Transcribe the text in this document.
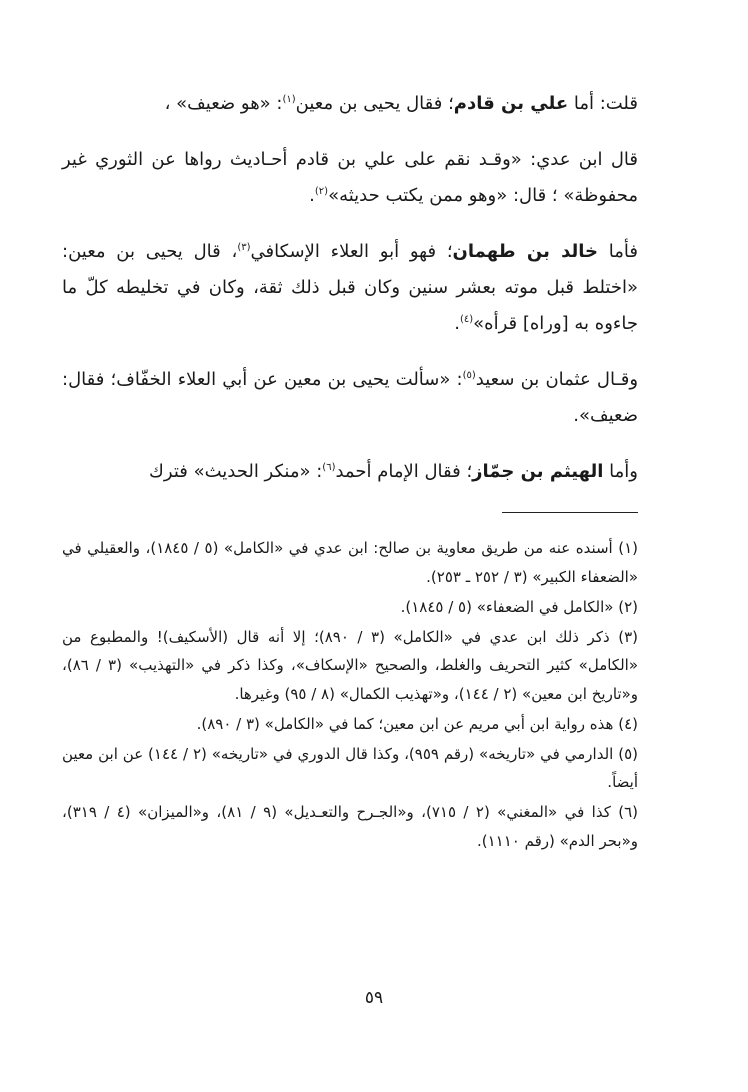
قلت: أما علي بن قادم؛ فقال يحيى بن معين$^{(١)}$: «هو ضعيف» ،

قال ابن عدي: «وقـد نقم على علي بن قادم أحـاديث رواها عن الثوري غير محفوظة» ؛ قال: «وهو ممن يكتب حديثه»$^{(٢)}$.

فأما خالد بن طهمان؛ فهو أبو العلاء الإسكافي$^{(٣)}$، قال يحيى بن معين: «اختلط قبل موته بعشر سنين وكان قبل ذلك ثقة، وكان في تخليطه كلّ ما جاءوه به [وراه] قرأه»$^{(٤)}$.

وقـال عثمان بن سعيد$^{(٥)}$: «سألت يحيى بن معين عن أبي العلاء الخفّاف؛ فقال: ضعيف».

وأما الهيثم بن جمّاز؛ فقال الإمام أحمد$^{(٦)}$: «منكر الحديث» فترك

(١) أسنده عنه من طريق معاوية بن صالح: ابن عدي في «الكامل» (٥ / ١٨٤٥)، والعقيلي في «الضعفاء الكبير» (٣ / ٢٥٢ ـ ٢٥٣).

(٢) «الكامل في الضعفاء» (٥ / ١٨٤٥).

(٣) ذكر ذلك ابن عدي في «الكامل» (٣ / ٨٩٠)؛ إلا أنه قال (الأسكيف)! والمطبوع من «الكامل» كثير التحريف والغلط، والصحيح «الإسكاف»، وكذا ذكر في «التهذيب» (٣ / ٨٦)، و«تاريخ ابن معين» (٢ / ١٤٤)، و«تهذيب الكمال» (٨ / ٩٥) وغيرها.

(٤) هذه رواية ابن أبي مريم عن ابن معين؛ كما في «الكامل» (٣ / ٨٩٠).

(٥) الدارمي في «تاريخه» (رقم ٩٥٩)، وكذا قال الدوري في «تاريخه» (٢ / ١٤٤) عن ابن معين أيضاً.

(٦) كذا في «المغني» (٢ / ٧١٥)، و«الجـرح والتعـديل» (٩ / ٨١)، و«الميزان» (٤ / ٣١٩)، و«بحر الدم» (رقم ١١١٠).

٥٩
